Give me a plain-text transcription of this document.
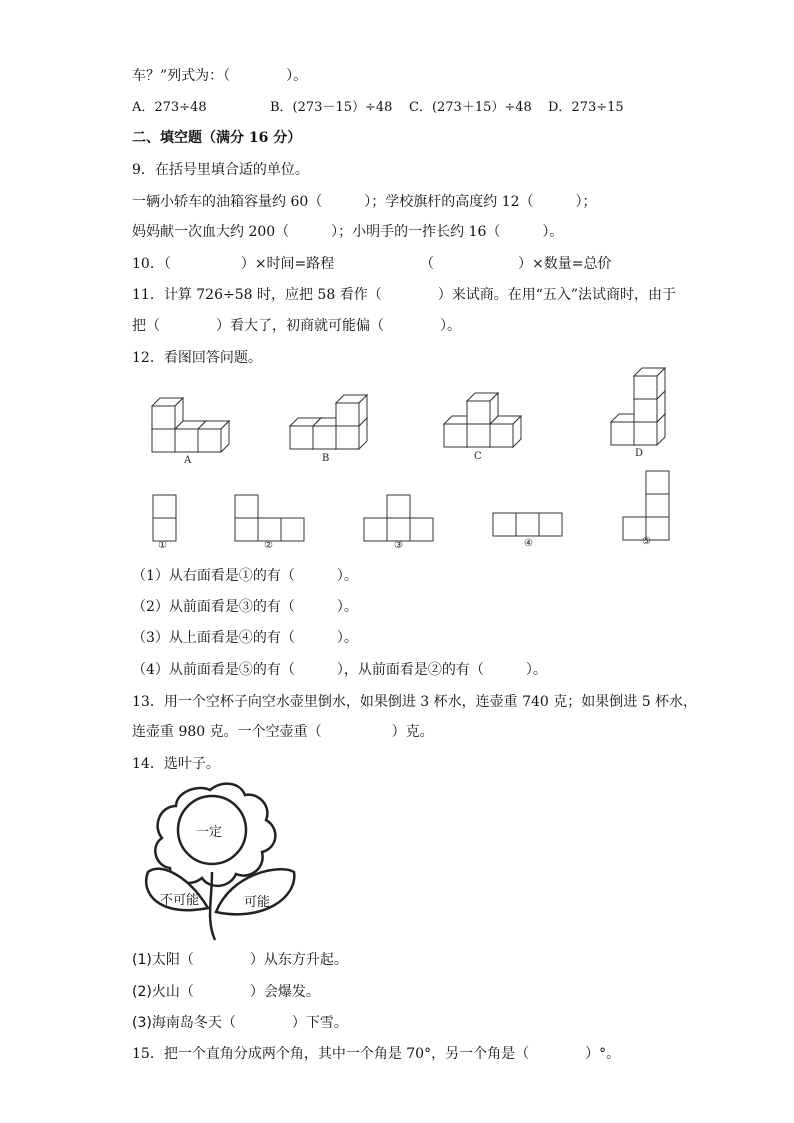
车？”列式为：（　　　　）。
A．273÷48	B．(273－15）÷48 C．(273＋15）÷48 D．273÷15
二、填空题（满分 16 分）
9．在括号里填合适的单位。
一辆小轿车的油箱容量约 60（　　　）；学校旗杆的高度约 12（　　　）；
妈妈献一次血大约 200（　　　）；小明手的一拃长约 16（　　　）。
10．（　　　　　）×时间=路程	（　　　　　　）×数量=总价
11．计算 726÷58 时，应把 58 看作（　　　　）来试商。在用“五入”法试商时，由于
把（　　　　）看大了，初商就可能偏（　　　　）。
12．看图回答问题。
A	B	C	D
①	②	③	④	⑤
（1）从右面看是①的有（　　　）。
（2）从前面看是③的有（　　　）。
（3）从上面看是④的有（　　　）。
（4）从前面看是⑤的有（　　　），从前面看是②的有（　　　）。
13．用一个空杯子向空水壶里倒水，如果倒进 3 杯水，连壶重 740 克；如果倒进 5 杯水，
连壶重 980 克。一个空壶重（　　　　　）克。
14．选叶子。
一定
不可能	可能
(1)太阳（　　　　）从东方升起。
(2)火山（　　　　）会爆发。
(3)海南岛冬天（　　　　）下雪。
15．把一个直角分成两个角，其中一个角是 70°，另一个角是（　　　　）°。
